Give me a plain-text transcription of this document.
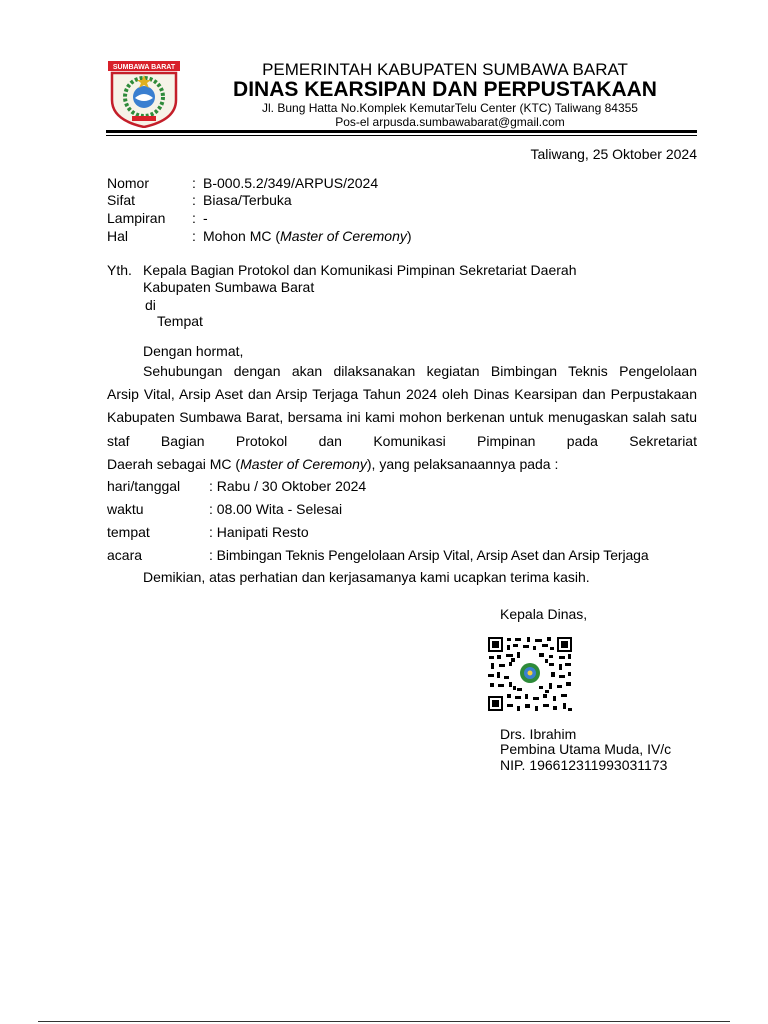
SUMBAWA BARAT	PEMERINTAH KABUPATEN SUMBAWA BARAT
DINAS KEARSIPAN DAN PERPUSTAKAAN
Jl. Bung Hatta No.Komplek KemutarTelu Center (KTC) Taliwang 84355
Pos-el arpusda.sumbawabarat@gmail.com
Taliwang, 25 Oktober 2024
Nomor	: B-000.5.2/349/ARPUS/2024
Sifat	: Biasa/Terbuka
Lampiran : -
Hal	: Mohon MC (Master of Ceremony)
Yth. Kepala Bagian Protokol dan Komunikasi Pimpinan Sekretariat Daerah
Kabupaten Sumbawa Barat
di
Tempat
Dengan hormat,
Sehubungan dengan akan dilaksanakan kegiatan Bimbingan Teknis Pengelolaan
Arsip Vital, Arsip Aset dan Arsip Terjaga Tahun 2024 oleh Dinas Kearsipan dan Perpustakaan Kabupaten Sumbawa Barat, bersama ini kami mohon berkenan untuk menugaskan salah satu staf Bagian Protokol dan Komunikasi Pimpinan pada Sekretariat
Daerah sebagai MC (Master of Ceremony), yang pelaksanaannya pada :
hari/tanggal : Rabu / 30 Oktober 2024
waktu	: 08.00 Wita - Selesai
tempat	: Hanipati Resto
acara	: Bimbingan Teknis Pengelolaan Arsip Vital, Arsip Aset dan Arsip Terjaga
Demikian, atas perhatian dan kerjasamanya kami ucapkan terima kasih.
Kepala Dinas,
Drs. Ibrahim
Pembina Utama Muda, IV/c
NIP. 196612311993031173
